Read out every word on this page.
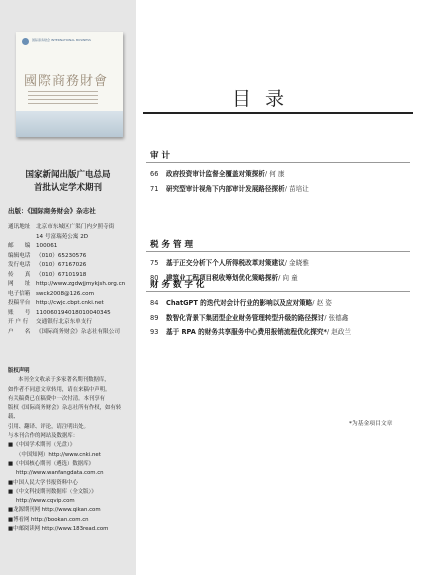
国际商务财会 INTERNATIONAL BUSINESS
國際商務財會
国家新闻出版广电总局
首批认定学术期刊
出版：《国际商务财会》杂志社
通讯地址	北京市东城区广渠门内夕照寺街
14 号富瑞苑公寓 2D
邮　　编	100061
编辑电话	（010）65230576
发行电话	（010）67167026
传　　真	（010）67101918
网　　址	http://www.zgdwjjmykjsh.org.cn
电子信箱	swck2008@126.com
投稿平台	http://cwjc.cbpt.cnki.net
账　　号	110060194018010040345
开 户 行	交通银行北京东单支行
户　　名	《国际商务财会》杂志社有限公司
版权声明
本刊全文收录于多家著名期刊数据库，
如作者不同意文章转用，请在来稿中声明。
有关稿费已在稿费中一次付清。本刊享有
版权《国际商务财会》杂志社所有作权，如有转载、
引用、翻译、评论，请注明出处。
与本刊合作的网站及数据库：
■《中国学术期刊（光盘）》
（中国知网）http://www.cnki.net
■《中国核心期刊（遴选）数据库》
http://www.wanfangdata.com.cn
■中国人民大学书报资料中心
■《中文科技期刊数据库（全文版）》
http://www.cqvip.com
■龙源期刊网 http://www.qikan.com
■博看网 http://bookan.com.cn
■中邮阅读网 http://www.183read.com
目录
审计
66 政府投资审计监督全覆盖对策探析/ 何 康
71 研究型审计视角下内部审计发展路径探析/ 苗培让
税务管理
75 基于正交分析下个人所得税改革对策建议/ 金晓雅
80 建筑业工程项目税收筹划优化策略探析/ 向 童
财务数字化
84 ChatGPT 的迭代对会计行业的影响以及应对策略/ 赵 姿
89 数智化背景下集团型企业财务管理转型升级的路径探讨/ 张德鑫
93 基于 RPA 的财务共享服务中心费用报销流程优化探究*/ 赵政兰
*为基金项目文章
